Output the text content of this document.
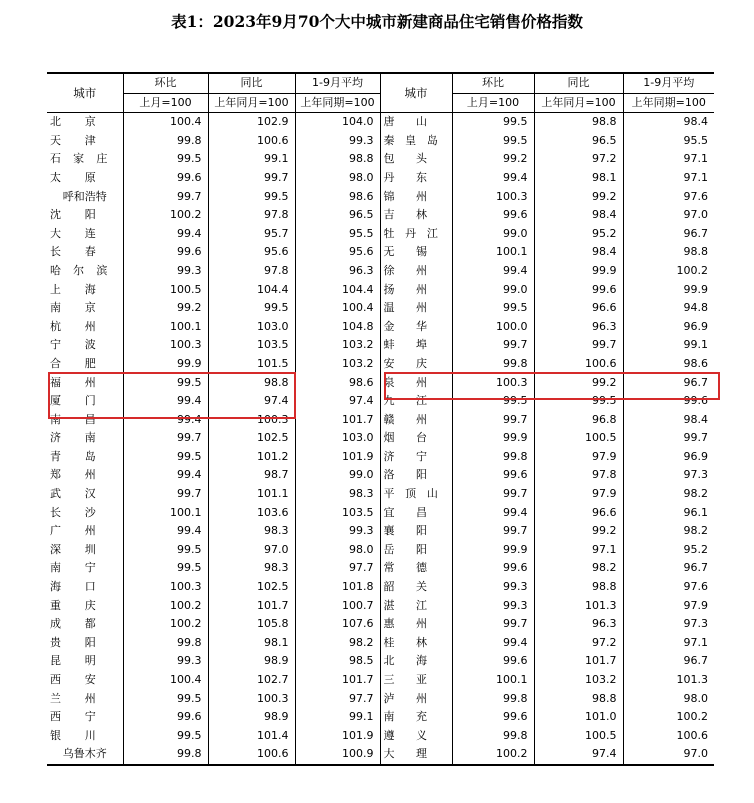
表1：2023年9月70个大中城市新建商品住宅销售价格指数
城市	环比	同比	1-9月平均	城市	环比	同比	1-9月平均
	上月=100	上年同月=100	上年同期=100		上月=100	上年同月=100	上年同期=100

北 京	100.4	102.9	104.0	唐 山	99.5	98.8	98.4

天 津	99.8	100.6	99.3	秦 皇 岛	99.5	96.5	95.5

石 家 庄	99.5	99.1	98.8	包 头	99.2	97.2	97.1

太 原	99.6	99.7	98.0	丹 东	99.4	98.1	97.1

呼和浩特	99.7	99.5	98.6	锦 州	100.3	99.2	97.6

沈 阳	100.2	97.8	96.5	吉 林	99.6	98.4	97.0

大 连	99.4	95.7	95.5	牡 丹 江	99.0	95.2	96.7

长 春	99.6	95.6	95.6	无 锡	100.1	98.4	98.8

哈 尔 滨	99.3	97.8	96.3	徐 州	99.4	99.9	100.2

上 海	100.5	104.4	104.4	扬 州	99.0	99.6	99.9

南 京	99.2	99.5	100.4	温 州	99.5	96.6	94.8

杭 州	100.1	103.0	104.8	金 华	100.0	96.3	96.9

宁 波	100.3	103.5	103.2	蚌 埠	99.7	99.7	99.1

合 肥	99.9	101.5	103.2	安 庆	99.8	100.6	98.6

福 州	99.5	98.8	98.6	泉 州	100.3	99.2	96.7

厦 门	99.4	97.4	97.4	九 江	99.5	99.5	99.6

南 昌	99.4	100.3	101.7	赣 州	99.7	96.8	98.4

济 南	99.7	102.5	103.0	烟 台	99.9	100.5	99.7

青 岛	99.5	101.2	101.9	济 宁	99.8	97.9	96.9

郑 州	99.4	98.7	99.0	洛 阳	99.6	97.8	97.3

武 汉	99.7	101.1	98.3	平 顶 山	99.7	97.9	98.2

长 沙	100.1	103.6	103.5	宜 昌	99.4	96.6	96.1

广 州	99.4	98.3	99.3	襄 阳	99.7	99.2	98.2

深 圳	99.5	97.0	98.0	岳 阳	99.9	97.1	95.2

南 宁	99.5	98.3	97.7	常 德	99.6	98.2	96.7

海 口	100.3	102.5	101.8	韶 关	99.3	98.8	97.6

重 庆	100.2	101.7	100.7	湛 江	99.3	101.3	97.9

成 都	100.2	105.8	107.6	惠 州	99.7	96.3	97.3

贵 阳	99.8	98.1	98.2	桂 林	99.4	97.2	97.1

昆 明	99.3	98.9	98.5	北 海	99.6	101.7	96.7

西 安	100.4	102.7	101.7	三 亚	100.1	103.2	101.3

兰 州	99.5	100.3	97.7	泸 州	99.8	98.8	98.0

西 宁	99.6	98.9	99.1	南 充	99.6	101.0	100.2

银 川	99.5	101.4	101.9	遵 义	99.8	100.5	100.6

乌鲁木齐	99.8	100.6	100.9	大 理	100.2	97.4	97.0
